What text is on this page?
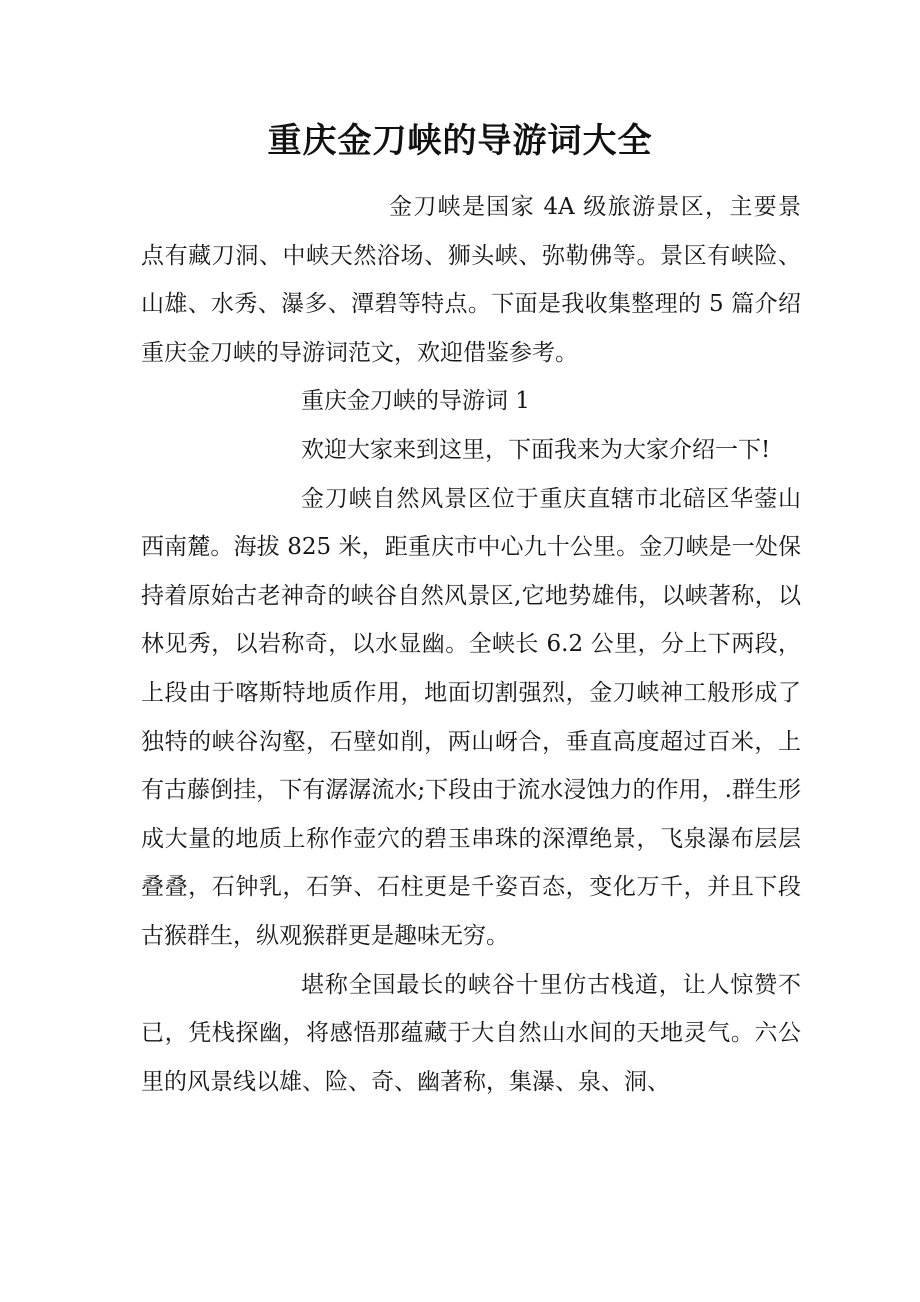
重庆金刀峡的导游词大全

金刀峡是国家 4A 级旅游景区，主要景点有藏刀洞、中峡天然浴场、狮头峡、弥勒佛等。景区有峡险、山雄、水秀、瀑多、潭碧等特点。下面是我收集整理的 5 篇介绍重庆金刀峡的导游词范文，欢迎借鉴参考。

重庆金刀峡的导游词 1

欢迎大家来到这里，下面我来为大家介绍一下!

金刀峡自然风景区位于重庆直辖市北碚区华蓥山西南麓。海拔 825 米，距重庆市中心九十公里。金刀峡是一处保持着原始古老神奇的峡谷自然风景区,它地势雄伟，以峡著称，以林见秀，以岩称奇，以水显幽。全峡长 6.2 公里，分上下两段，上段由于喀斯特地质作用，地面切割强烈，金刀峡神工般形成了独特的峡谷沟壑，石壁如削，两山岈合，垂直高度超过百米，上有古藤倒挂，下有潺潺流水;下段由于流水浸蚀力的作用，.群生形成大量的地质上称作壶穴的碧玉串珠的深潭绝景，飞泉瀑布层层叠叠，石钟乳，石笋、石柱更是千姿百态，变化万千，并且下段古猴群生，纵观猴群更是趣味无穷。

堪称全国最长的峡谷十里仿古栈道，让人惊赞不已，凭栈探幽，将感悟那蕴藏于大自然山水间的天地灵气。六公里的风景线以雄、险、奇、幽著称，集瀑、泉、洞、
